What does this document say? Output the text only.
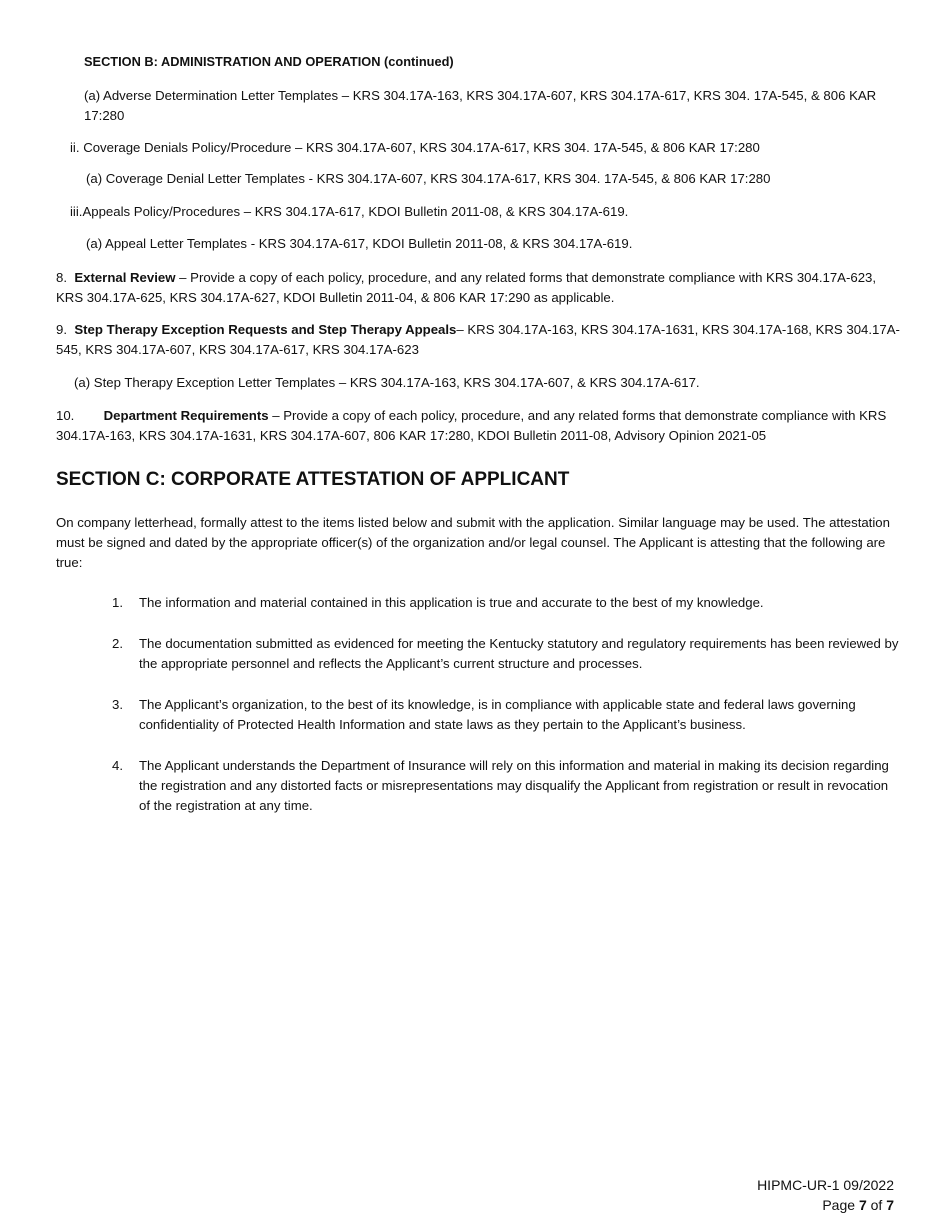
SECTION B: ADMINISTRATION AND OPERATION (continued)

(a) Adverse Determination Letter Templates – KRS 304.17A-163, KRS 304.17A-607, KRS 304.17A-617, KRS 304. 17A-545, & 806 KAR 17:280

ii. Coverage Denials Policy/Procedure – KRS 304.17A-607, KRS 304.17A-617, KRS 304. 17A-545, & 806 KAR 17:280

(a) Coverage Denial Letter Templates - KRS 304.17A-607, KRS 304.17A-617, KRS 304. 17A-545, & 806 KAR 17:280

iii.Appeals Policy/Procedures – KRS 304.17A-617, KDOI Bulletin 2011-08, & KRS 304.17A-619.

(a) Appeal Letter Templates - KRS 304.17A-617, KDOI Bulletin 2011-08, & KRS 304.17A-619.

8. External Review – Provide a copy of each policy, procedure, and any related forms that demonstrate compliance with KRS 304.17A-623, KRS 304.17A-625, KRS 304.17A-627, KDOI Bulletin 2011-04, & 806 KAR 17:290 as applicable.

9. Step Therapy Exception Requests and Step Therapy Appeals– KRS 304.17A-163, KRS 304.17A-1631, KRS 304.17A-168, KRS 304.17A-545, KRS 304.17A-607, KRS 304.17A-617, KRS 304.17A-623

(a) Step Therapy Exception Letter Templates – KRS 304.17A-163, KRS 304.17A-607, & KRS 304.17A-617.

10. Department Requirements – Provide a copy of each policy, procedure, and any related forms that demonstrate compliance with KRS 304.17A-163, KRS 304.17A-1631, KRS 304.17A-607, 806 KAR 17:280, KDOI Bulletin 2011-08, Advisory Opinion 2021-05

SECTION C: CORPORATE ATTESTATION OF APPLICANT

On company letterhead, formally attest to the items listed below and submit with the application. Similar language may be used. The attestation must be signed and dated by the appropriate officer(s) of the organization and/or legal counsel. The Applicant is attesting that the following are true:

1.	The information and material contained in this application is true and accurate to the best of my knowledge.
2.	The documentation submitted as evidenced for meeting the Kentucky statutory and regulatory requirements has been reviewed by the appropriate personnel and reflects the Applicant’s current structure and processes.
3.	The Applicant’s organization, to the best of its knowledge, is in compliance with applicable state and federal laws governing confidentiality of Protected Health Information and state laws as they pertain to the Applicant’s business.
4.	The Applicant understands the Department of Insurance will rely on this information and material in making its decision regarding the registration and any distorted facts or misrepresentations may disqualify the Applicant from registration or result in revocation of the registration at any time.
HIPMC-UR-1 09/2022
Page 7 of 7
